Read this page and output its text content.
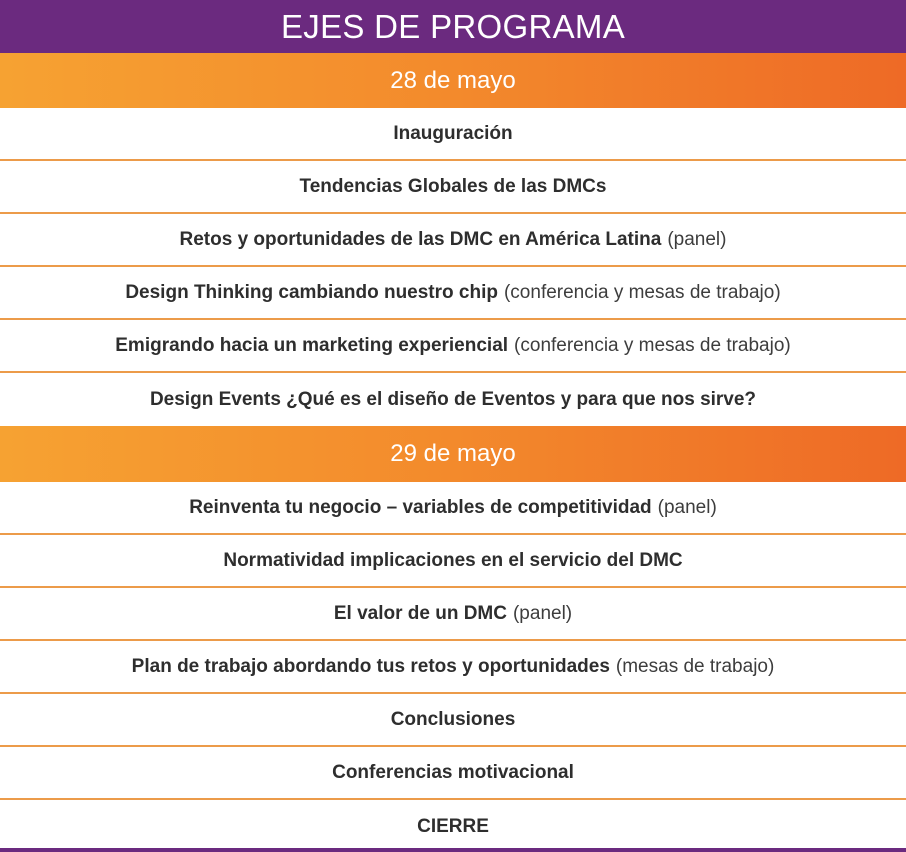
EJES DE PROGRAMA
28 de mayo
Inauguración
Tendencias Globales de las DMCs
Retos y oportunidades de las DMC en América Latina (panel)
Design Thinking cambiando nuestro chip (conferencia y mesas de trabajo)
Emigrando hacia un marketing experiencial (conferencia y mesas de trabajo)
Design Events ¿Qué es el diseño de Eventos y para que nos sirve?
29 de mayo
Reinventa tu negocio – variables de competitividad (panel)
Normatividad implicaciones en el servicio del DMC
El valor de un DMC (panel)
Plan de trabajo abordando tus retos y oportunidades (mesas de trabajo)
Conclusiones
Conferencias motivacional
CIERRE
